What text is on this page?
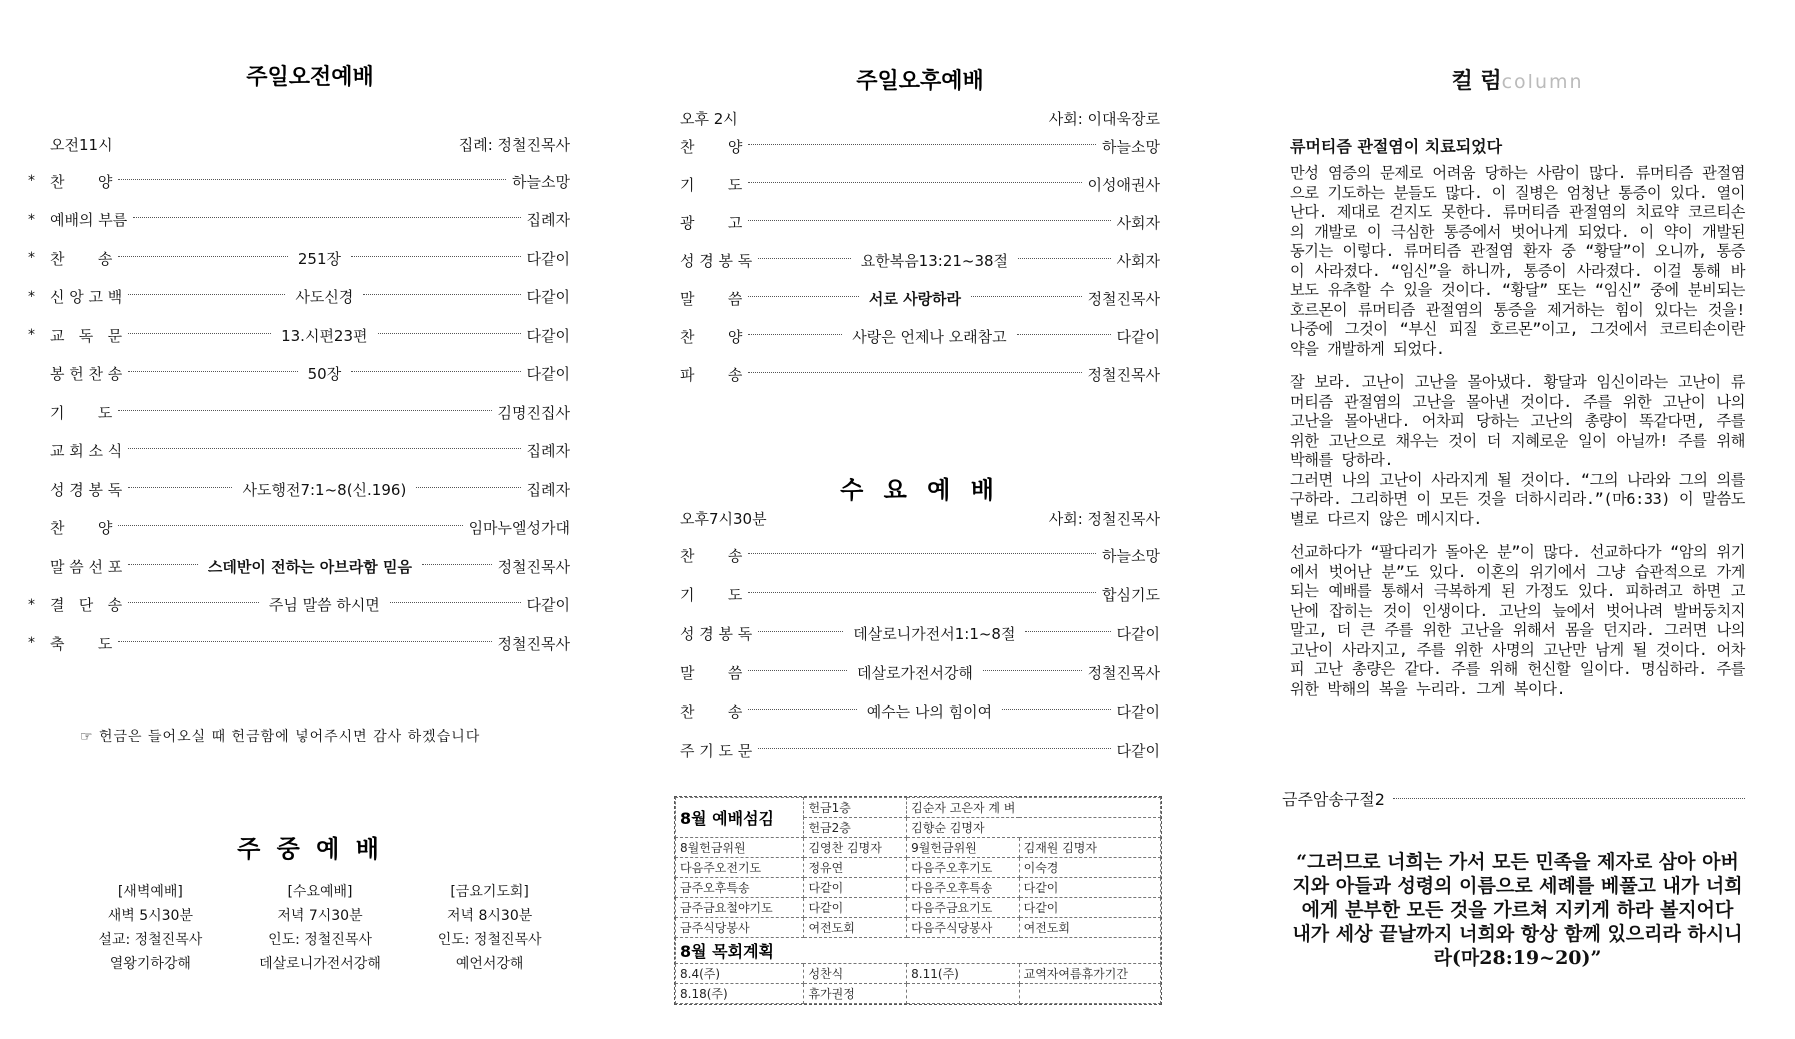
주일오전예배
오전11시	집례: 정철진목사
* 찬       양	하늘소망
* 예배의 부름	집례자
* 찬       송	251장	다같이
* 신 앙 고 백	사도신경	다같이
* 교   독   문	13.시편23편	다같이
봉 헌 찬 송	50장	다같이
기       도	김명진집사
교 회 소 식	집례자
성 경 봉 독	사도행전7:1~8(신.196)	집례자
찬       양	임마누엘성가대
말 씀 선 포	스데반이 전하는 아브라함 믿음	정철진목사
* 결   단   송	주님 말씀 하시면	다같이
* 축       도	정철진목사
☞ 헌금은 들어오실 때 헌금함에 넣어주시면 감사 하겠습니다
주 중 예 배
[새벽예배]
새벽 5시30분
설교: 정철진목사
열왕기하강해
[수요예배]
저녁 7시30분
인도: 정철진목사
데살로니가전서강해
[금요기도회]
저녁 8시30분
인도: 정철진목사
예언서강해
주일오후예배
오후 2시	사회: 이대욱장로
찬       양	하늘소망
기       도	이성애권사
광       고	사회자
성 경 봉 독	요한복음13:21~38절	사회자
말       씀	서로 사랑하라	정철진목사
찬       양	사랑은 언제나 오래참고	다같이
파       송	정철진목사
수 요 예 배
오후7시30분	사회: 정철진목사
찬       송	하늘소망
기       도	합심기도
성 경 봉 독	데살로니가전서1:1~8절	다같이
말       씀	데살로가전서강해	정철진목사
찬       송	예수는 나의 힘이여	다같이
주 기 도 문	다같이
8월 예배섬김	헌금1층	김순자 고은자 계 벼	
	헌금2층	김향순 김명자	
8월헌금위원	김영찬 김명자	9월헌금위원	김재원 김명자
다음주오전기도	정유연	다음주오후기도	이숙경
금주오후특송	다같이	다음주오후특송	다같이
금주금요철야기도	다같이	다음주금요기도	다같이
금주식당봉사	여전도회	다음주식당봉사	여전도회
8월 목회계획			
8.4(주)	성찬식	8.11(주)	교역자여름휴가기간
8.18(주)	휴가권정		
컬 럼column
류머티즘 관절염이 치료되었다

만성 염증의 문제로 어려움 당하는 사람이 많다. 류머티즘 관절염으로 기도하는 분들도 많다. 이 질병은 엄청난 통증이 있다. 열이 난다. 제대로 걷지도 못한다. 류머티즘 관절염의 치료약 코르티손의 개발로 이 극심한 통증에서 벗어나게 되었다. 이 약이 개발된 동기는 이렇다. 류머티즘 관절염 환자 중 “황달”이 오니까, 통증이 사라졌다. “임신”을 하니까, 통증이 사라졌다. 이걸 통해 바보도 유추할 수 있을 것이다. “황달” 또는 “임신” 중에 분비되는 호르몬이 류머티즘 관절염의 통증을 제거하는 힘이 있다는 것을! 나중에 그것이 “부신 피질 호르몬”이고, 그것에서 코르티손이란 약을 개발하게 되었다.

잘 보라. 고난이 고난을 몰아냈다. 황달과 임신이라는 고난이 류머티즘 관절염의 고난을 몰아낸 것이다. 주를 위한 고난이 나의 고난을 몰아낸다. 어차피 당하는 고난의 총량이 똑같다면, 주를 위한 고난으로 채우는 것이 더 지혜로운 일이 아닐까! 주를 위해 박해를 당하라.
그러면 나의 고난이 사라지게 될 것이다. “그의 나라와 그의 의를 구하라. 그리하면 이 모든 것을 더하시리라.”(마6:33) 이 말씀도 별로 다르지 않은 메시지다.

선교하다가 “팔다리가 돌아온 분”이 많다. 선교하다가 “암의 위기에서 벗어난 분”도 있다. 이혼의 위기에서 그냥 습관적으로 가게 되는 예배를 통해서 극복하게 된 가정도 있다. 피하려고 하면 고난에 잡히는 것이 인생이다. 고난의 늪에서 벗어나려 발버둥치지 말고, 더 큰 주를 위한 고난을 위해서 몸을 던지라. 그러면 나의 고난이 사라지고, 주를 위한 사명의 고난만 남게 될 것이다. 어차피 고난 총량은 같다. 주를 위해 헌신할 일이다. 명심하라. 주를 위한 박해의 복을 누리라. 그게 복이다.

금주암송구절2
“그러므로 너희는 가서 모든 민족을 제자로 삼아 아버지와 아들과 성령의 이름으로 세례를 베풀고 내가 너희에게 분부한 모든 것을 가르쳐 지키게 하라 볼지어다 내가 세상 끝날까지 너희와 항상 함께 있으리라 하시니라(마28:19~20)”
